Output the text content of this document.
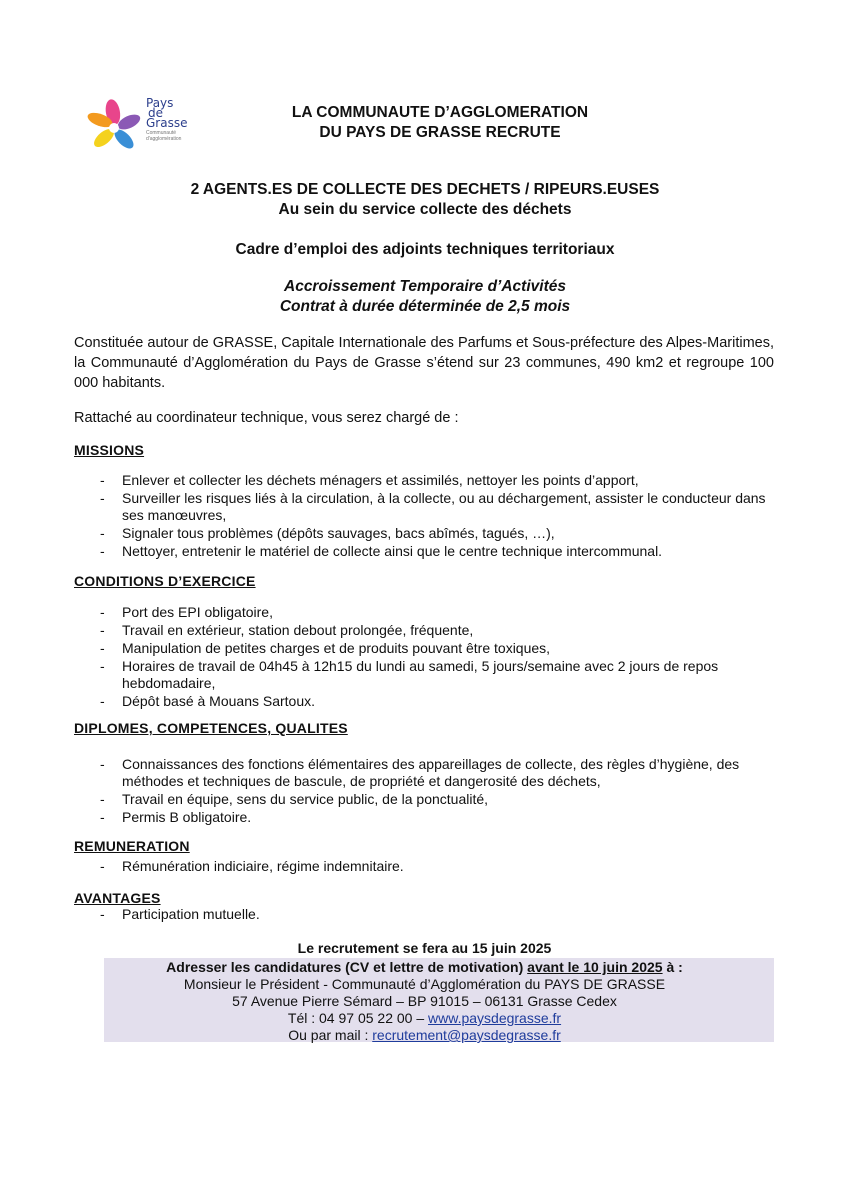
Pays
de
Grasse
Communauté d'agglomération
LA COMMUNAUTE D’AGGLOMERATION
DU PAYS DE GRASSE RECRUTE
2 AGENTS.ES DE COLLECTE DES DECHETS / RIPEURS.EUSES
Au sein du service collecte des déchets
Cadre d’emploi des adjoints techniques territoriaux
Accroissement Temporaire d’Activités
Contrat à durée déterminée de 2,5 mois
Constituée autour de GRASSE, Capitale Internationale des Parfums et Sous-préfecture des Alpes-Maritimes, la Communauté d’Agglomération du Pays de Grasse s’étend sur 23 communes, 490 km2 et regroupe 100 000 habitants.
Rattaché au coordinateur technique, vous serez chargé de :
MISSIONS
- Enlever et collecter les déchets ménagers et assimilés, nettoyer les points d’apport,
- Surveiller les risques liés à la circulation, à la collecte, ou au déchargement, assister le conducteur dans ses manœuvres,
- Signaler tous problèmes (dépôts sauvages, bacs abîmés, tagués, …),
- Nettoyer, entretenir le matériel de collecte ainsi que le centre technique intercommunal.
CONDITIONS D’EXERCICE
- Port des EPI obligatoire,
- Travail en extérieur, station debout prolongée, fréquente,
- Manipulation de petites charges et de produits pouvant être toxiques,
- Horaires de travail de 04h45 à 12h15 du lundi au samedi, 5 jours/semaine avec 2 jours de repos hebdomadaire,
- Dépôt basé à Mouans Sartoux.
DIPLOMES, COMPETENCES, QUALITES
- Connaissances des fonctions élémentaires des appareillages de collecte, des règles d’hygiène, des méthodes et techniques de bascule, de propriété et dangerosité des déchets,
- Travail en équipe, sens du service public, de la ponctualité,
- Permis B obligatoire.
REMUNERATION
- Rémunération indiciaire, régime indemnitaire.
AVANTAGES
- Participation mutuelle.
Le recrutement se fera au 15 juin 2025
Adresser les candidatures (CV et lettre de motivation) avant le 10 juin 2025 à :
Monsieur le Président - Communauté d’Agglomération du PAYS DE GRASSE
57 Avenue Pierre Sémard – BP 91015 – 06131 Grasse Cedex
Tél : 04 97 05 22 00 – www.paysdegrasse.fr
Ou par mail : recrutement@paysdegrasse.fr
